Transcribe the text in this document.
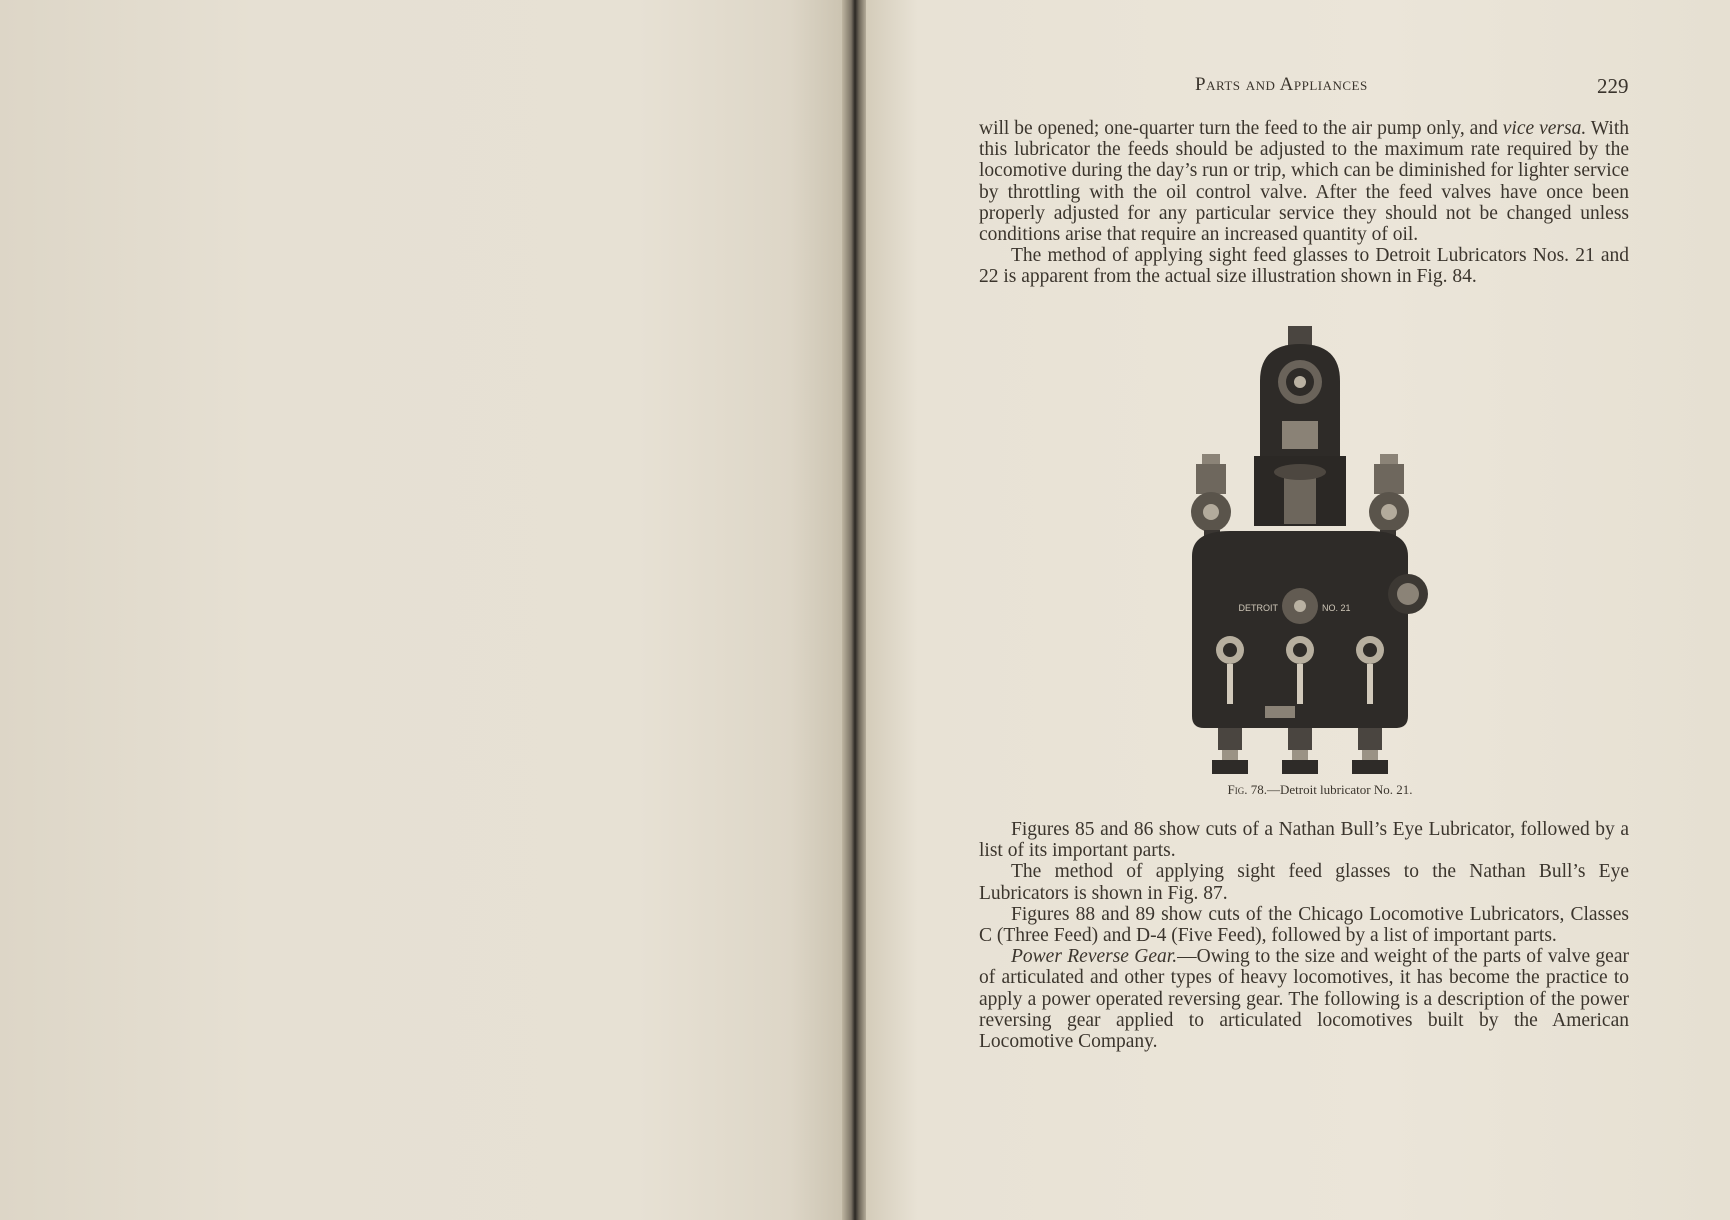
Parts and Appliances	229

will be opened; one-quarter turn the feed to the air pump only, and vice versa. With this lubricator the feeds should be adjusted to the maximum rate required by the locomotive during the day’s run or trip, which can be diminished for lighter service by throttling with the oil control valve. After the feed valves have once been properly adjusted for any particular service they should not be changed unless conditions arise that require an increased quantity of oil.

The method of applying sight feed glasses to Detroit Lubricators Nos. 21 and 22 is apparent from the actual size illustration shown in Fig. 84.

DETROIT	NO. 21
Fig. 78.—Detroit lubricator No. 21.

Figures 85 and 86 show cuts of a Nathan Bull’s Eye Lubricator, followed by a list of its important parts.

The method of applying sight feed glasses to the Nathan Bull’s Eye Lubricators is shown in Fig. 87.

Figures 88 and 89 show cuts of the Chicago Locomotive Lubricators, Classes C (Three Feed) and D-4 (Five Feed), followed by a list of important parts.

Power Reverse Gear.—Owing to the size and weight of the parts of valve gear of articulated and other types of heavy locomotives, it has become the practice to apply a power operated reversing gear. The following is a description of the power reversing gear applied to articulated locomotives built by the American Locomotive Company.
